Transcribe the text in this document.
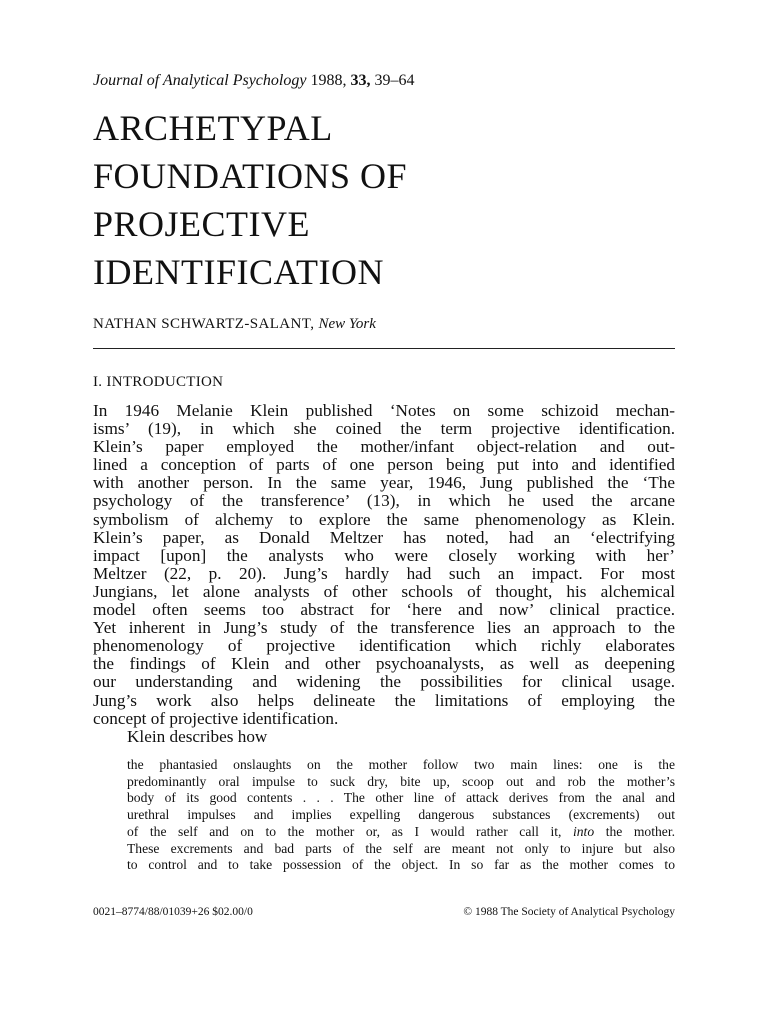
Journal of Analytical Psychology 1988, 33, 39–64
ARCHETYPAL
FOUNDATIONS OF
PROJECTIVE
IDENTIFICATION
NATHAN SCHWARTZ-SALANT, New York
I. INTRODUCTION
In 1946 Melanie Klein published ‘Notes on some schizoid mechan-
isms’ (19), in which she coined the term projective identification.
Klein’s paper employed the mother/infant object-relation and out-
lined a conception of parts of one person being put into and identified
with another person. In the same year, 1946, Jung published the ‘The
psychology of the transference’ (13), in which he used the arcane
symbolism of alchemy to explore the same phenomenology as Klein.
Klein’s paper, as Donald Meltzer has noted, had an ‘electrifying
impact [upon] the analysts who were closely working with her’
Meltzer (22, p. 20). Jung’s hardly had such an impact. For most
Jungians, let alone analysts of other schools of thought, his alchemical
model often seems too abstract for ‘here and now’ clinical practice.
Yet inherent in Jung’s study of the transference lies an approach to the
phenomenology of projective identification which richly elaborates
the findings of Klein and other psychoanalysts, as well as deepening
our understanding and widening the possibilities for clinical usage.
Jung’s work also helps delineate the limitations of employing the
concept of projective identification.
Klein describes how
the phantasied onslaughts on the mother follow two main lines: one is the
predominantly oral impulse to suck dry, bite up, scoop out and rob the mother’s
body of its good contents . . . The other line of attack derives from the anal and
urethral impulses and implies expelling dangerous substances (excrements) out
of the self and on to the mother or, as I would rather call it, into the mother.
These excrements and bad parts of the self are meant not only to injure but also
to control and to take possession of the object. In so far as the mother comes to
0021–8774/88/01039+26 $02.00/0	© 1988 The Society of Analytical Psychology
